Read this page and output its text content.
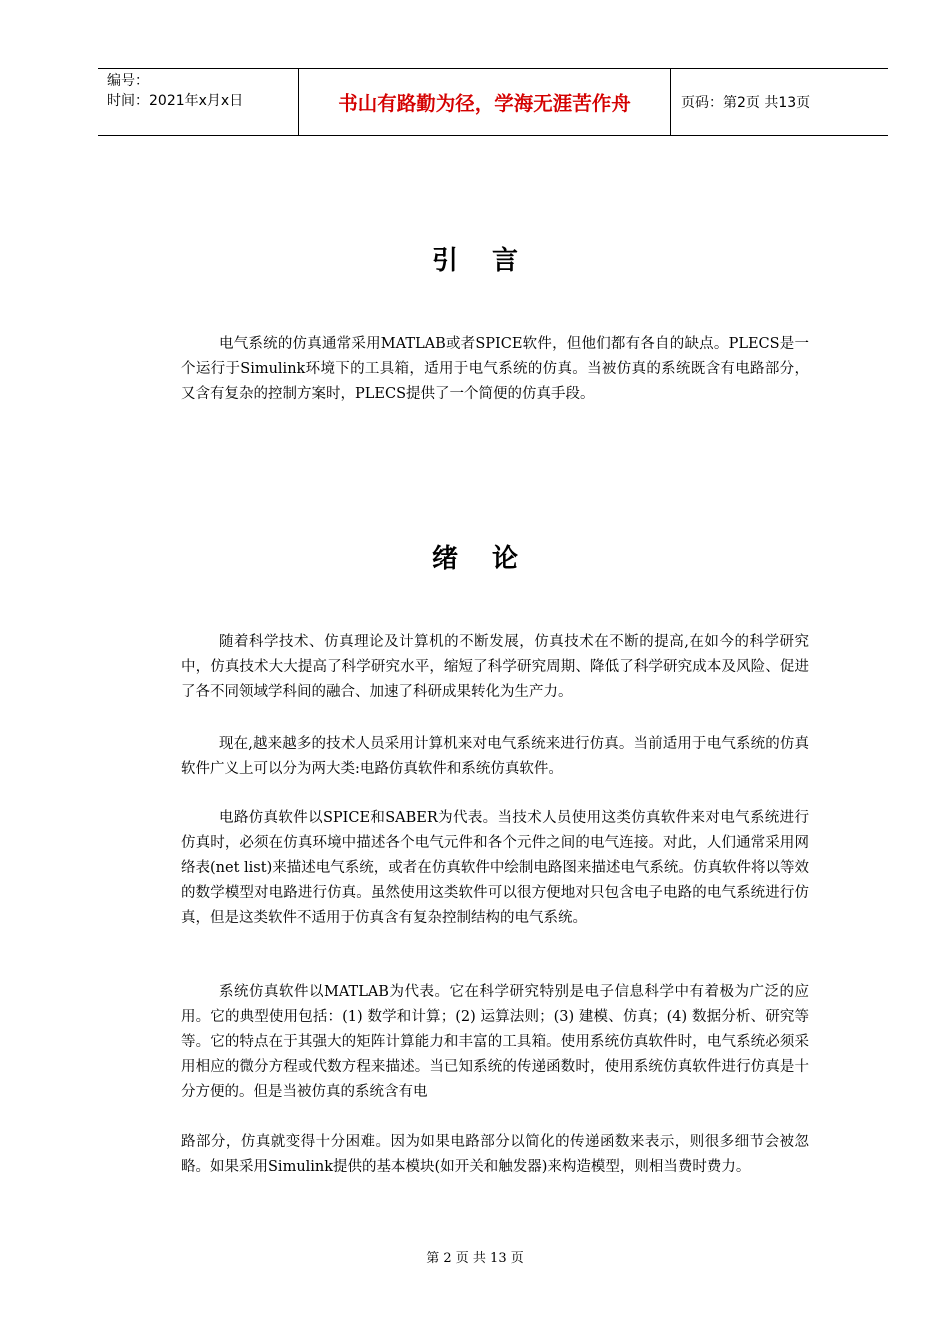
编号：
时间：2021年x月x日	书山有路勤为径，学海无涯苦作舟	页码：第2页 共13页
引 言

电气系统的仿真通常采用MATLAB或者SPICE软件，但他们都有各自的缺点。PLECS是一个运行于Simulink环境下的工具箱，适用于电气系统的仿真。当被仿真的系统既含有电路部分，又含有复杂的控制方案时，PLECS提供了一个简便的仿真手段。

绪 论

随着科学技术、仿真理论及计算机的不断发展，仿真技术在不断的提高,在如今的科学研究中，仿真技术大大提高了科学研究水平，缩短了科学研究周期、降低了科学研究成本及风险、促进了各不同领域学科间的融合、加速了科研成果转化为生产力。

现在,越来越多的技术人员采用计算机来对电气系统来进行仿真。当前适用于电气系统的仿真软件广义上可以分为两大类:电路仿真软件和系统仿真软件。

电路仿真软件以SPICE和SABER为代表。当技术人员使用这类仿真软件来对电气系统进行仿真时，必须在仿真环境中描述各个电气元件和各个元件之间的电气连接。对此，人们通常采用网络表(net list)来描述电气系统，或者在仿真软件中绘制电路图来描述电气系统。仿真软件将以等效的数学模型对电路进行仿真。虽然使用这类软件可以很方便地对只包含电子电路的电气系统进行仿真，但是这类软件不适用于仿真含有复杂控制结构的电气系统。

系统仿真软件以MATLAB为代表。它在科学研究特别是电子信息科学中有着极为广泛的应用。它的典型使用包括：(1) 数学和计算；(2) 运算法则；(3) 建模、仿真；(4) 数据分析、研究等等。它的特点在于其强大的矩阵计算能力和丰富的工具箱。使用系统仿真软件时，电气系统必须采用相应的微分方程或代数方程来描述。当已知系统的传递函数时，使用系统仿真软件进行仿真是十分方便的。但是当被仿真的系统含有电

路部分，仿真就变得十分困难。因为如果电路部分以简化的传递函数来表示，则很多细节会被忽略。如果采用Simulink提供的基本模块(如开关和触发器)来构造模型，则相当费时费力。

第 2 页 共 13 页
